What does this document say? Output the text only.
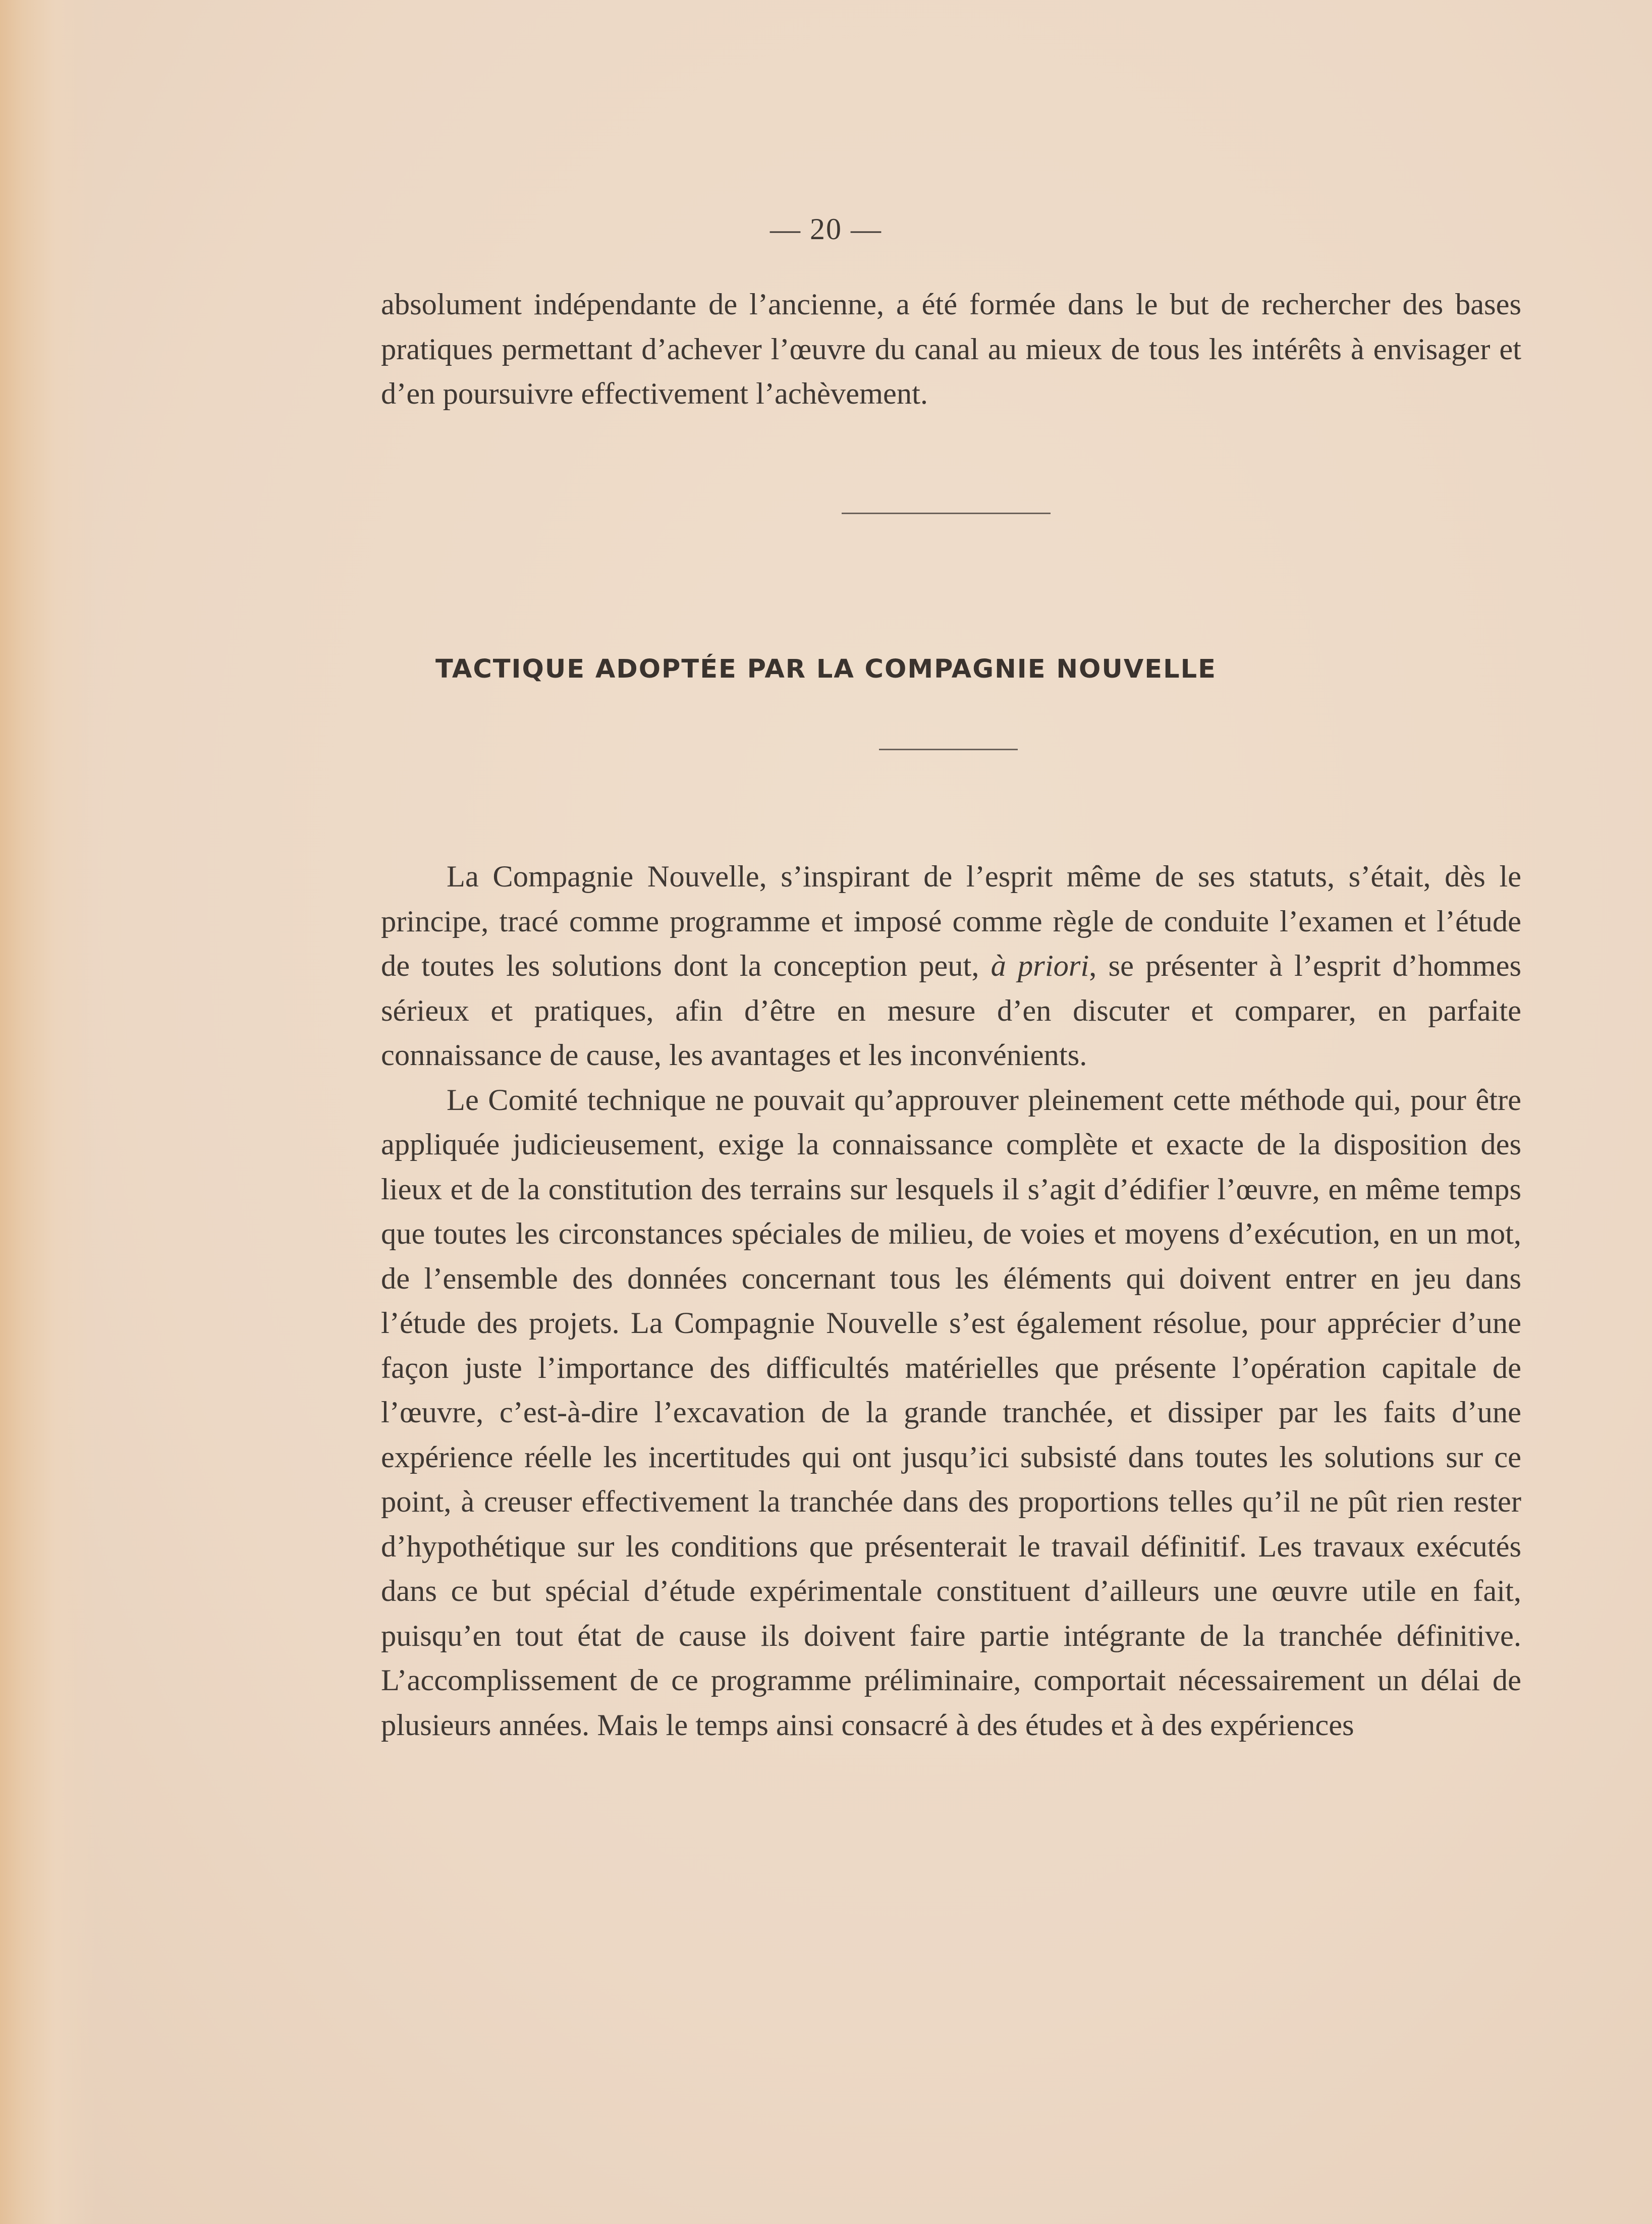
— 20 —

absolument indépendante de l’ancienne, a été formée dans le but de rechercher des bases pratiques permettant d’achever l’œuvre du canal au mieux de tous les intérêts à envisager et d’en poursuivre effectivement l’achèvement.

TACTIQUE ADOPTÉE PAR LA COMPAGNIE NOUVELLE

La Compagnie Nouvelle, s’inspirant de l’esprit même de ses statuts, s’était, dès le principe, tracé comme programme et imposé comme règle de conduite l’examen et l’étude de toutes les solutions dont la conception peut, à priori, se présenter à l’esprit d’hommes sérieux et pratiques, afin d’être en mesure d’en discuter et comparer, en parfaite connaissance de cause, les avantages et les inconvénients.

Le Comité technique ne pouvait qu’approuver pleinement cette méthode qui, pour être appliquée judicieusement, exige la connaissance complète et exacte de la disposition des lieux et de la constitution des terrains sur lesquels il s’agit d’édifier l’œuvre, en même temps que toutes les circonstances spéciales de milieu, de voies et moyens d’exécution, en un mot, de l’ensemble des données concernant tous les éléments qui doivent entrer en jeu dans l’étude des projets. La Compagnie Nouvelle s’est également résolue, pour apprécier d’une façon juste l’importance des difficultés matérielles que présente l’opération capitale de l’œuvre, c’est-à-dire l’excavation de la grande tranchée, et dissiper par les faits d’une expérience réelle les incertitudes qui ont jusqu’ici subsisté dans toutes les solutions sur ce point, à creuser effectivement la tranchée dans des proportions telles qu’il ne pût rien rester d’hypothétique sur les conditions que présenterait le travail définitif. Les travaux exécutés dans ce but spécial d’étude expérimentale constituent d’ailleurs une œuvre utile en fait, puisqu’en tout état de cause ils doivent faire partie intégrante de la tranchée définitive. L’accomplissement de ce programme préliminaire, comportait nécessairement un délai de plusieurs années. Mais le temps ainsi consacré à des études et à des expériences
